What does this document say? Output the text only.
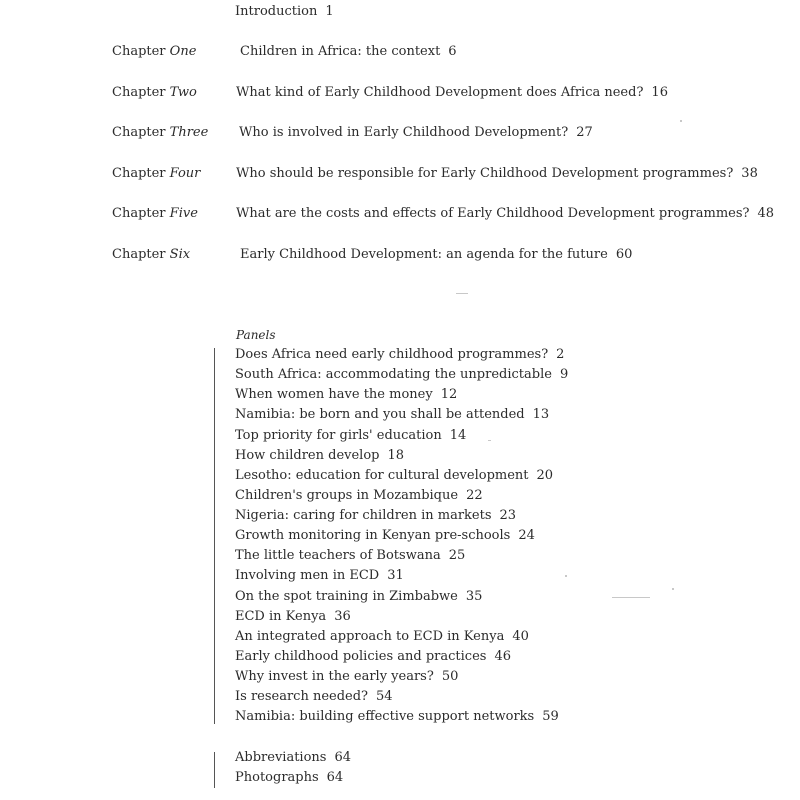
Introduction 1
Chapter One	Children in Africa: the context 6
Chapter Two	What kind of Early Childhood Development does Africa need? 16
Chapter Three Who is involved in Early Childhood Development? 27
Chapter Four	Who should be responsible for Early Childhood Development programmes? 38
Chapter Five	What are the costs and effects of Early Childhood Development programmes? 48
Chapter Six	Early Childhood Development: an agenda for the future 60
Panels
Does Africa need early childhood programmes? 2
South Africa: accommodating the unpredictable 9
When women have the money 12
Namibia: be born and you shall be attended 13
Top priority for girls' education 14
How children develop 18
Lesotho: education for cultural development 20
Children's groups in Mozambique 22
Nigeria: caring for children in markets 23
Growth monitoring in Kenyan pre-schools 24
The little teachers of Botswana 25
Involving men in ECD 31
On the spot training in Zimbabwe 35
ECD in Kenya 36
An integrated approach to ECD in Kenya 40
Early childhood policies and practices 46
Why invest in the early years? 50
Is research needed? 54
Namibia: building effective support networks 59
Abbreviations 64
Photographs 64
